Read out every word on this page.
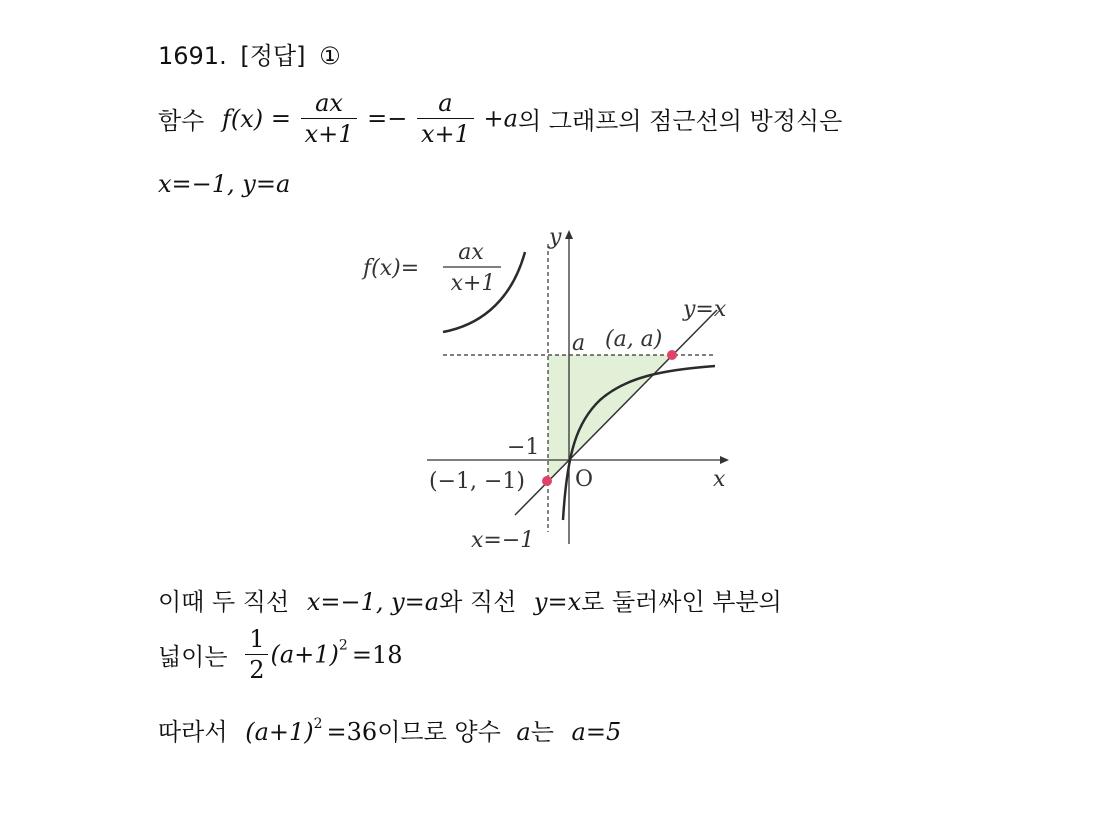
1691. [정답] ①
함수 $f(x) = \frac{ax}{x+1} =- \frac{a}{x+1} +a$의 그래프의 점근선의 방정식은
x=−1, y=a
f(x)=
ax
x+1
y
y=x
a (a, a)
−1
(−1, −1) O	x
x=−1
이때 두 직선 x=−1, y=a와 직선 y=x로 둘러싸인 부분의
넓이는 $\frac{1}{2} (a+1)^2 =18$
따라서 $(a+1)^2 =36$이므로 양수 a는 a=5
